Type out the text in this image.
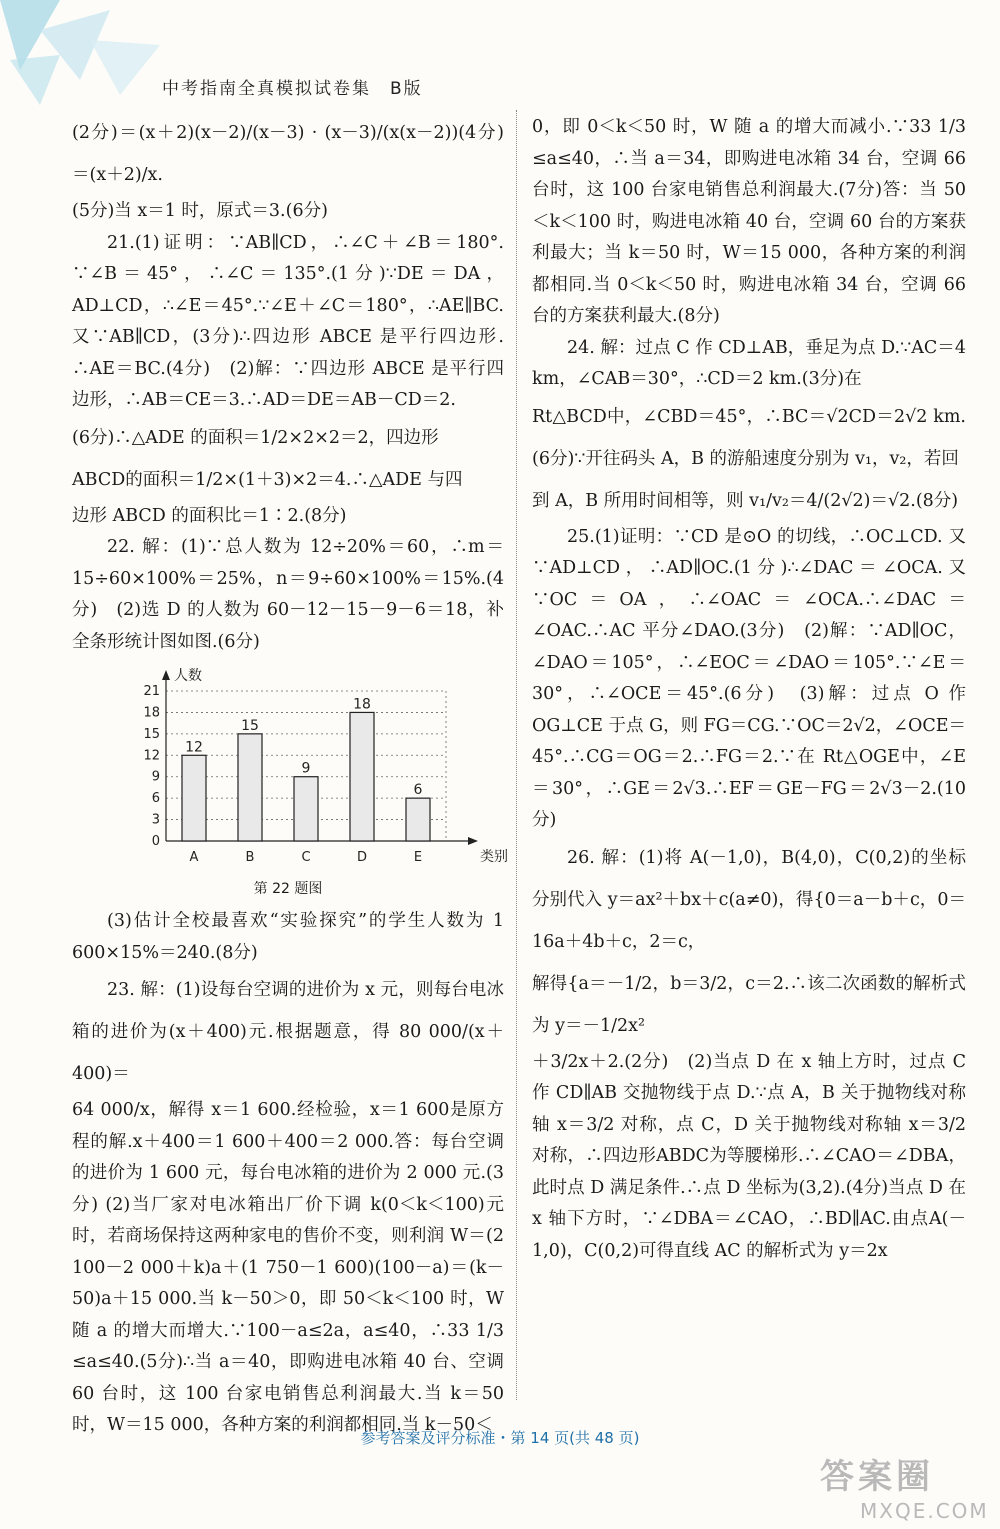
中考指南全真模拟试卷集　B版

(2分)＝(x＋2)(x－2)/(x－3) · (x－3)/(x(x－2))(4分)＝(x＋2)/x.

(5分)当 x＝1 时，原式＝3.(6分)

21.(1)证明：∵AB∥CD，∴∠C＋∠B＝180°. ∵∠B＝45°，∴∠C＝135°.(1分)∵DE＝DA，AD⊥CD，∴∠E＝45°.∵∠E＋∠C＝180°，∴AE∥BC.又∵AB∥CD，(3分)∴四边形 ABCE 是平行四边形. ∴AE＝BC.(4分)　(2)解：∵四边形 ABCE 是平行四边形，∴AB＝CE＝3.∴AD＝DE＝AB－CD＝2.

(6分)∴△ADE 的面积＝1/2×2×2＝2，四边形

ABCD的面积＝1/2×(1＋3)×2＝4.∴△ADE 与四

边形 ABCD 的面积比＝1∶2.(8分)

22. 解：(1)∵总人数为 12÷20%＝60，∴m＝15÷60×100%＝25%，n＝9÷60×100%＝15%.(4分)　(2)选 D 的人数为 60－12－15－9－6＝18，补全条形统计图如图.(6分)

0
3
6
9
12
15
18
21
人数
类别
12
A
15
B
9
C
18
D
6
E
第 22 题图

(3)估计全校最喜欢“实验探究”的学生人数为 1 600×15%＝240.(8分)

23. 解：(1)设每台空调的进价为 x 元，则每台电冰箱的进价为(x＋400)元.根据题意，得 80 000/(x＋400)＝

64 000/x，解得 x＝1 600.经检验，x＝1 600是原方程的解.x＋400＝1 600＋400＝2 000.答：每台空调的进价为 1 600 元，每台电冰箱的进价为 2 000 元.(3分) (2)当厂家对电冰箱出厂价下调 k(0＜k＜100)元时，若商场保持这两种家电的售价不变，则利润 W＝(2 100－2 000＋k)a＋(1 750－1 600)(100－a)＝(k－50)a＋15 000.当 k－50＞0，即 50＜k＜100 时，W 随 a 的增大而增大.∵100－a≤2a，a≤40，∴33 1/3 ≤a≤40.(5分)∴当 a＝40，即购进电冰箱 40 台、空调 60 台时，这 100 台家电销售总利润最大.当 k＝50 时，W＝15 000，各种方案的利润都相同.当 k－50＜

0，即 0＜k＜50 时，W 随 a 的增大而减小.∵33 1/3 ≤a≤40，∴当 a＝34，即购进电冰箱 34 台，空调 66 台时，这 100 台家电销售总利润最大.(7分)答：当 50＜k＜100 时，购进电冰箱 40 台，空调 60 台的方案获利最大；当 k＝50 时，W＝15 000，各种方案的利润都相同.当 0＜k＜50 时，购进电冰箱 34 台，空调 66 台的方案获利最大.(8分)

24. 解：过点 C 作 CD⊥AB，垂足为点 D.∵AC＝4 km，∠CAB＝30°，∴CD＝2 km.(3分)在

Rt△BCD中，∠CBD＝45°，∴BC＝√2CD＝2√2 km.(6分)∵开往码头 A，B 的游船速度分别为 v₁，v₂，若回

到 A，B 所用时间相等，则 v₁/v₂＝4/(2√2)＝√2.(8分)

25.(1)证明：∵CD 是⊙O 的切线，∴OC⊥CD. 又∵AD⊥CD，∴AD∥OC.(1分)∴∠DAC＝∠OCA.又∵OC＝OA，∴∠OAC＝∠OCA.∴∠DAC＝∠OAC.∴AC 平分∠DAO.(3分)　(2)解：∵AD∥OC，∠DAO＝105°，∴∠EOC＝∠DAO＝105°.∵∠E＝30°，∴∠OCE＝45°.(6分)　(3)解：过点 O 作 OG⊥CE 于点 G，则 FG＝CG.∵OC＝2√2，∠OCE＝45°.∴CG＝OG＝2.∴FG＝2.∵在 Rt△OGE中，∠E＝30°，∴GE＝2√3.∴EF＝GE－FG＝2√3－2.(10分)

26. 解：(1)将 A(－1,0)，B(4,0)，C(0,2)的坐标分别代入 y＝ax²＋bx＋c(a≠0)，得{0＝a－b＋c，0＝16a＋4b＋c，2＝c，

解得{a＝－1/2，b＝3/2，c＝2.∴该二次函数的解析式为 y＝－1/2x²

＋3/2x＋2.(2分)　(2)当点 D 在 x 轴上方时，过点 C 作 CD∥AB 交抛物线于点 D.∵点 A，B 关于抛物线对称轴 x＝3/2 对称，点 C，D 关于抛物线对称轴 x＝3/2 对称，∴四边形ABDC为等腰梯形.∴∠CAO＝∠DBA，此时点 D 满足条件.∴点 D 坐标为(3,2).(4分)当点 D 在 x 轴下方时，∵∠DBA＝∠CAO，∴BD∥AC.由点A(－1,0)，C(0,2)可得直线 AC 的解析式为 y＝2x

参考答案及评分标准・第 14 页(共 48 页)
答案圈
MXQE.COM
